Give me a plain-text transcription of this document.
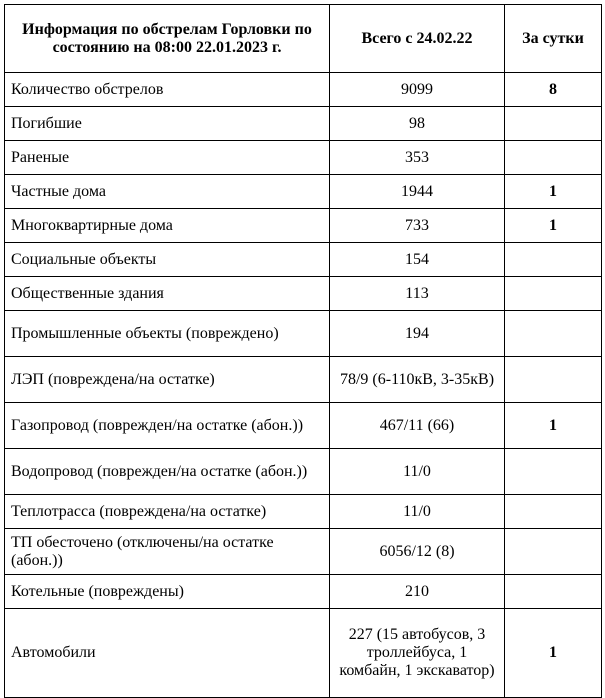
Информация по обстрелам Горловки по состоянию на 08:00 22.01.2023 г.	Всего с 24.02.22	За сутки
Количество обстрелов	9099	8
Погибшие	98	
Раненые	353	
Частные дома	1944	1
Многоквартирные дома	733	1
Социальные объекты	154	
Общественные здания	113	
Промышленные объекты (повреждено)	194	
ЛЭП (повреждена/на остатке)	78/9 (6-110кВ, 3-35кВ)	
Газопровод (поврежден/на остатке (абон.))	467/11 (66)	1
Водопровод (поврежден/на остатке (абон.))	11/0	
Теплотрасса (повреждена/на остатке)	11/0	
ТП обесточено (отключены/на остатке (абон.))	6056/12 (8)	
Котельные (повреждены)	210	
Автомобили	227 (15 автобусов, 3 троллейбуса, 1 комбайн, 1 экскаватор)	1
